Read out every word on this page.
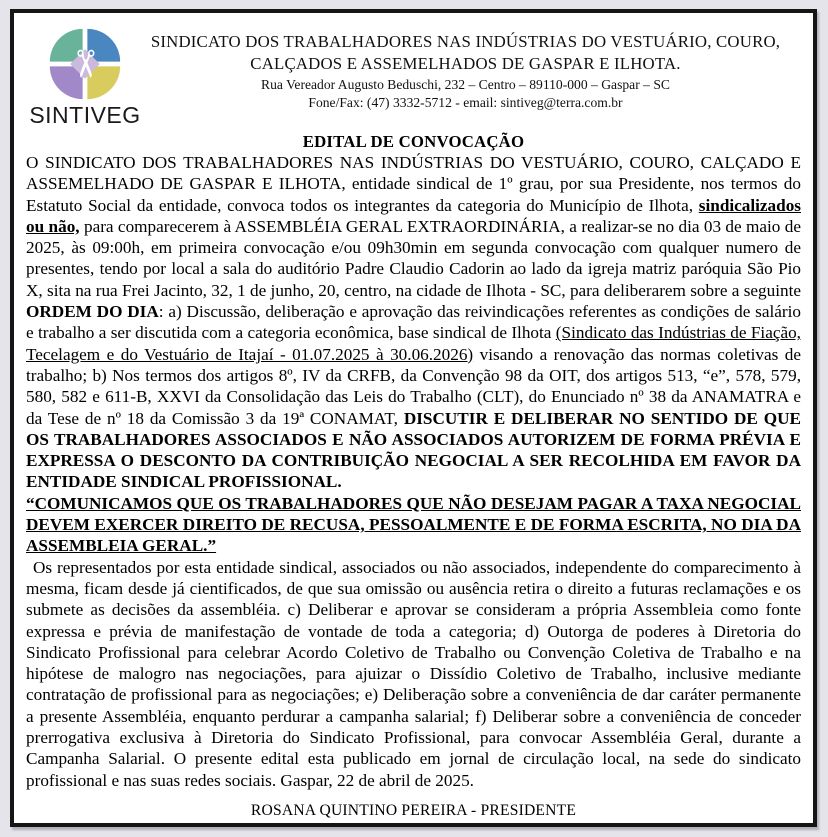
✂
SINTIVEG
SINDICATO DOS TRABALHADORES NAS INDÚSTRIAS DO VESTUÁRIO, COURO,
CALÇADOS E ASSEMELHADOS DE GASPAR E ILHOTA.
Rua Vereador Augusto Beduschi, 232 – Centro – 89110-000 – Gaspar – SC
Fone/Fax: (47) 3332-5712 - email: sintiveg@terra.com.br
EDITAL DE CONVOCAÇÃO

O SINDICATO DOS TRABALHADORES NAS INDÚSTRIAS DO VESTUÁRIO, COURO, CALÇADO E ASSEMELHADO DE GASPAR E ILHOTA, entidade sindical de 1º grau, por sua Presidente, nos termos do Estatuto Social da entidade, convoca todos os integrantes da categoria do Município de Ilhota, sindicalizados ou não, para comparecerem à ASSEMBLÉIA GERAL EXTRAORDINÁRIA, a realizar-se no dia 03 de maio de 2025, às 09:00h, em primeira convocação e/ou 09h30min em segunda convocação com qualquer numero de presentes, tendo por local a sala do auditório Padre Claudio Cadorin ao lado da igreja matriz paróquia São Pio X, sita na rua Frei Jacinto, 32, 1 de junho, 20, centro, na cidade de Ilhota - SC, para deliberarem sobre a seguinte ORDEM DO DIA: a) Discussão, deliberação e aprovação das reivindicações referentes as condições de salário e trabalho a ser discutida com a categoria econômica, base sindical de Ilhota (Sindicato das Indústrias de Fiação, Tecelagem e do Vestuário de Itajaí - 01.07.2025 à 30.06.2026) visando a renovação das normas coletivas de trabalho; b) Nos termos dos artigos 8º, IV da CRFB, da Convenção 98 da OIT, dos artigos 513, “e”, 578, 579, 580, 582 e 611-B, XXVI da Consolidação das Leis do Trabalho (CLT), do Enunciado nº 38 da ANAMATRA e da Tese de nº 18 da Comissão 3 da 19ª CONAMAT, DISCUTIR E DELIBERAR NO SENTIDO DE QUE OS TRABALHADORES ASSOCIADOS E NÃO ASSOCIADOS AUTORIZEM DE FORMA PRÉVIA E EXPRESSA O DESCONTO DA CONTRIBUIÇÃO NEGOCIAL A SER RECOLHIDA EM FAVOR DA ENTIDADE SINDICAL PROFISSIONAL.

“COMUNICAMOS QUE OS TRABALHADORES QUE NÃO DESEJAM PAGAR A TAXA NEGOCIAL DEVEM EXERCER DIREITO DE RECUSA, PESSOALMENTE E DE FORMA ESCRITA, NO DIA DA ASSEMBLEIA GERAL.”

Os representados por esta entidade sindical, associados ou não associados, independente do comparecimento à mesma, ficam desde já cientificados, de que sua omissão ou ausência retira o direito a futuras reclamações e os submete as decisões da assembléia. c) Deliberar e aprovar se consideram a própria Assembleia como fonte expressa e prévia de manifestação de vontade de toda a categoria; d) Outorga de poderes à Diretoria do Sindicato Profissional para celebrar Acordo Coletivo de Trabalho ou Convenção Coletiva de Trabalho e na hipótese de malogro nas negociações, para ajuizar o Dissídio Coletivo de Trabalho, inclusive mediante contratação de profissional para as negociações; e) Deliberação sobre a conveniência de dar caráter permanente a presente Assembléia, enquanto perdurar a campanha salarial; f) Deliberar sobre a conveniência de conceder prerrogativa exclusiva à Diretoria do Sindicato Profissional, para convocar Assembléia Geral, durante a Campanha Salarial. O presente edital esta publicado em jornal de circulação local, na sede do sindicato profissional e nas suas redes sociais. Gaspar, 22 de abril de 2025.

ROSANA QUINTINO PEREIRA - PRESIDENTE
